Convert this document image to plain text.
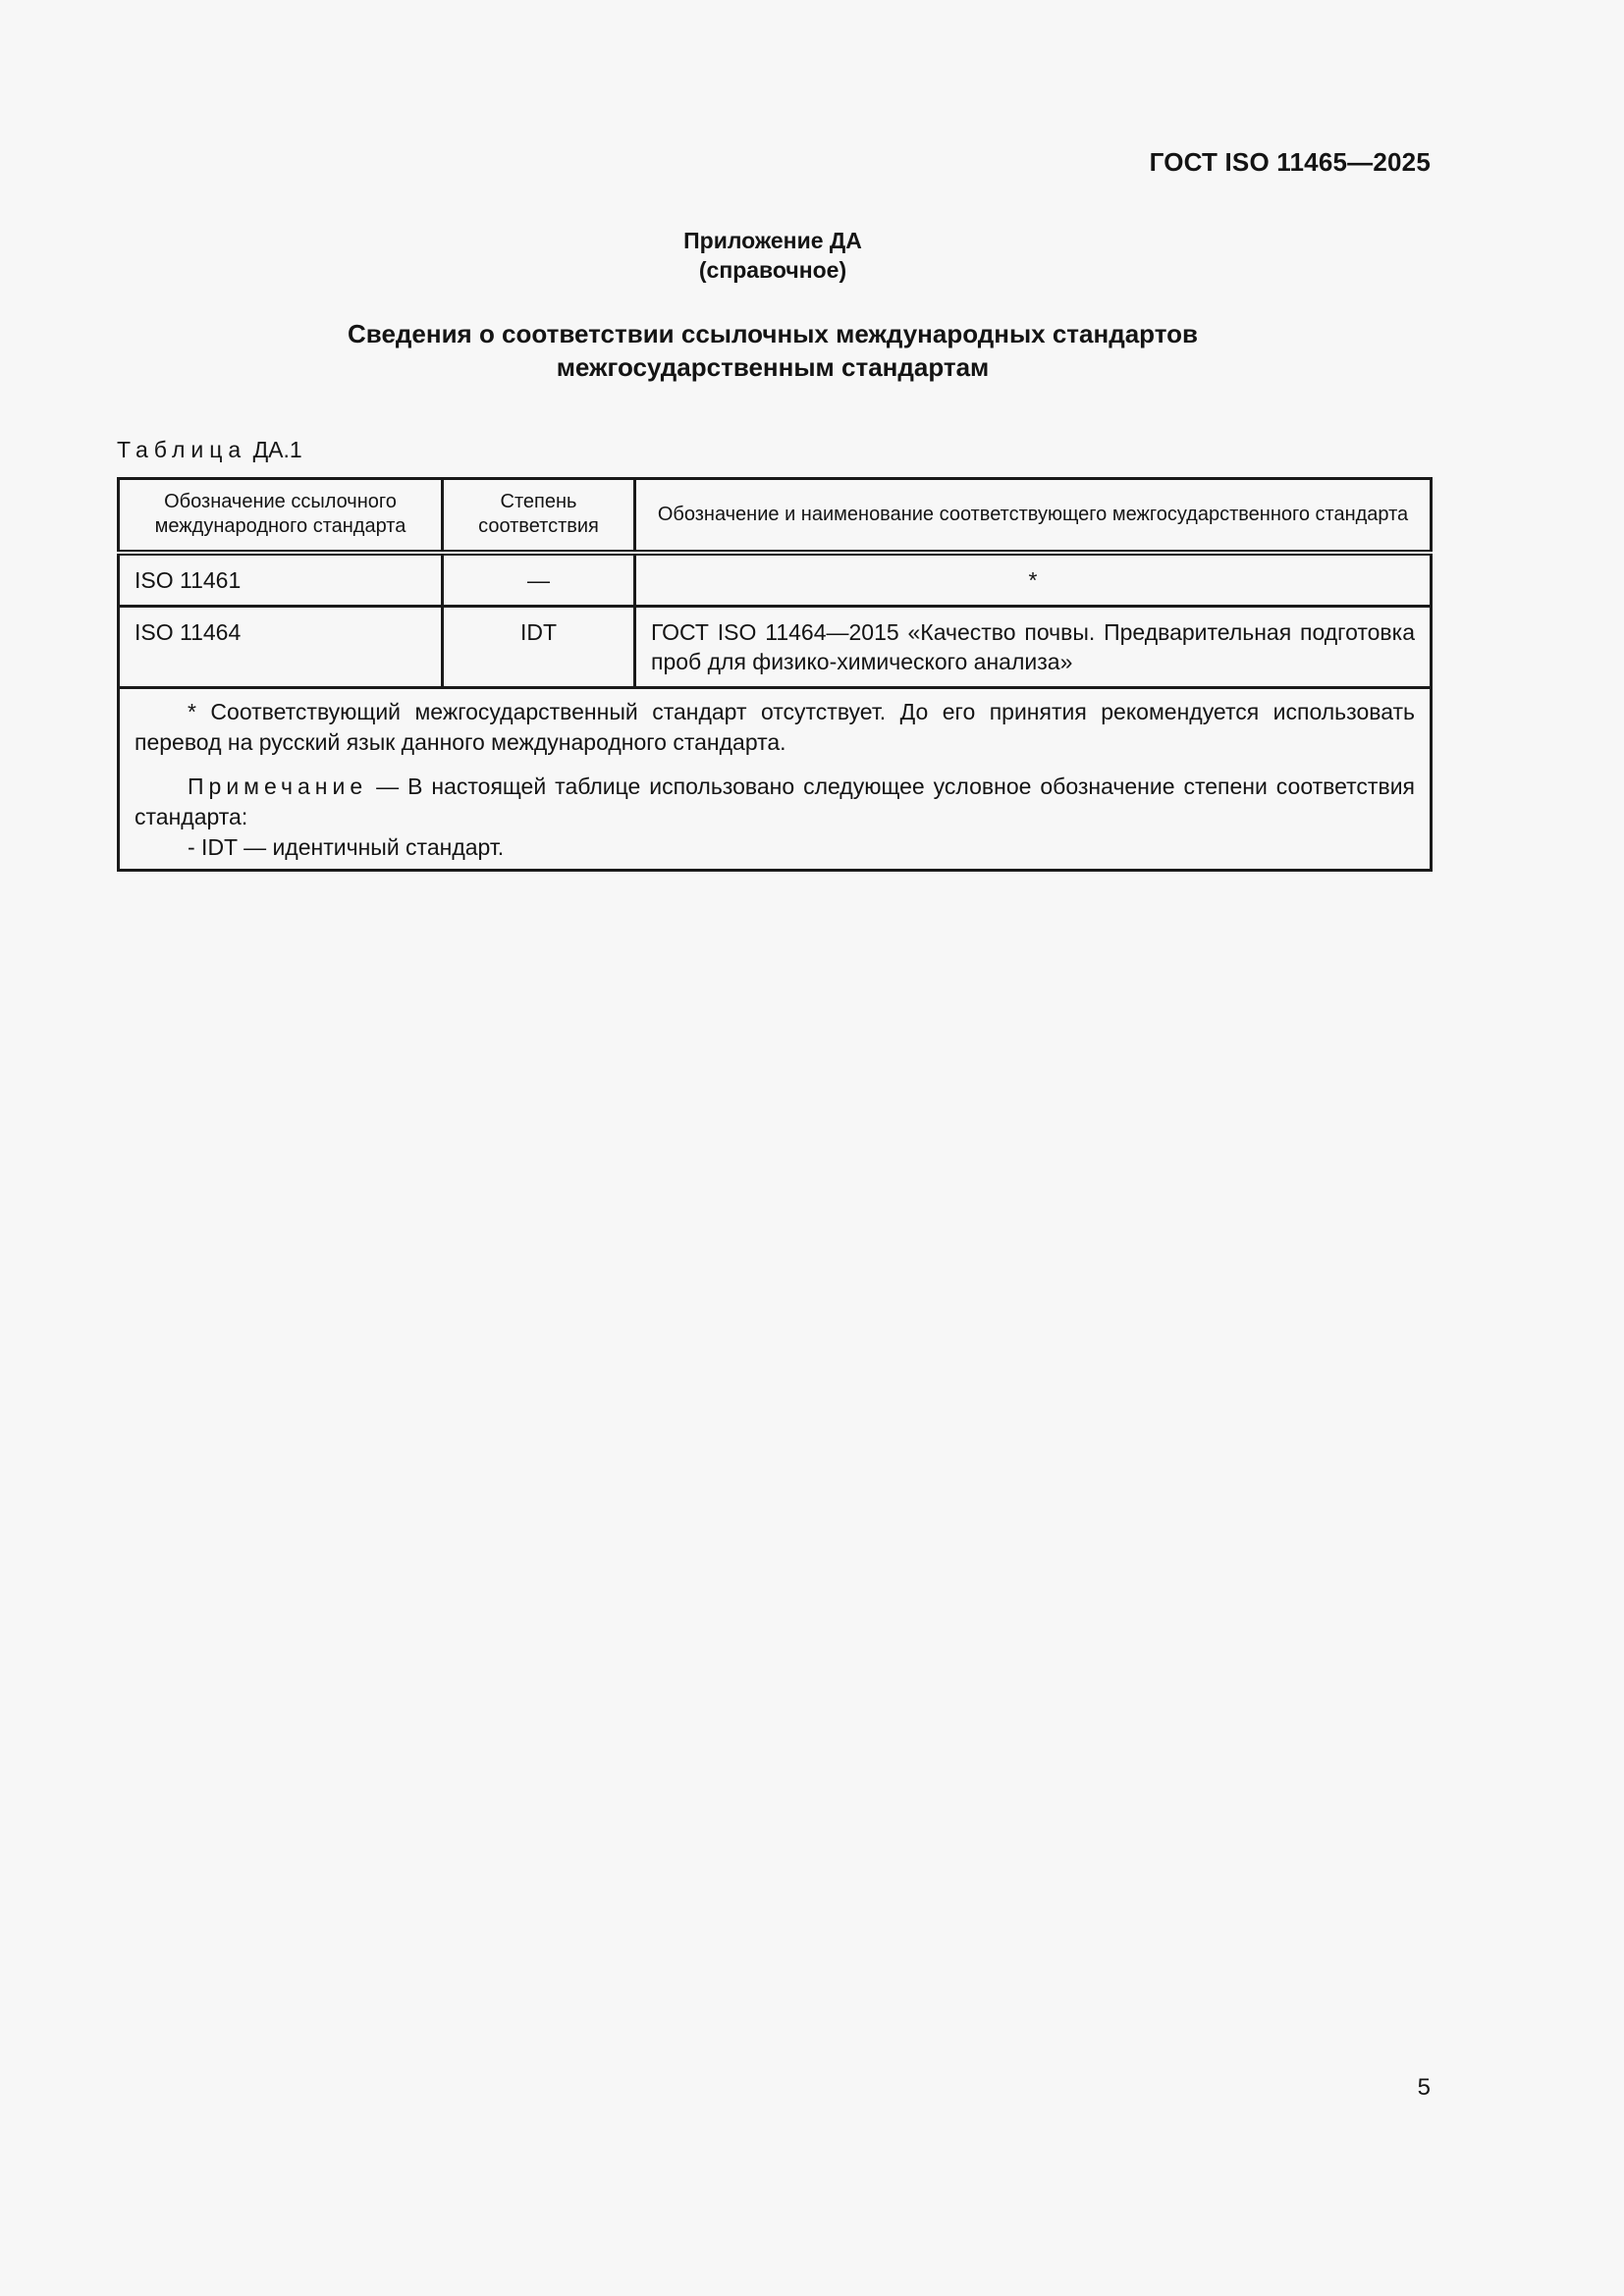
ГОСТ ISO 11465—2025
Приложение ДА
(справочное)
Сведения о соответствии ссылочных международных стандартов
межгосударственным стандартам
Таблица ДА.1
Обозначение ссылочного международного стандарта	Степень соответствия	Обозначение и наименование соответствующего межгосударственного стандарта
ISO 11461	—	*
ISO 11464	IDT	ГОСТ ISO 11464—2015 «Качество почвы. Предварительная подготовка проб для физико-химического анализа»

* Соответствующий межгосударственный стандарт отсутствует. До его принятия рекомендуется использовать перевод на русский язык данного международного стандарта.

Примечание — В настоящей таблице использовано следующее условное обозначение степени соответствия стандарта:

- IDT — идентичный стандарт.		

5
